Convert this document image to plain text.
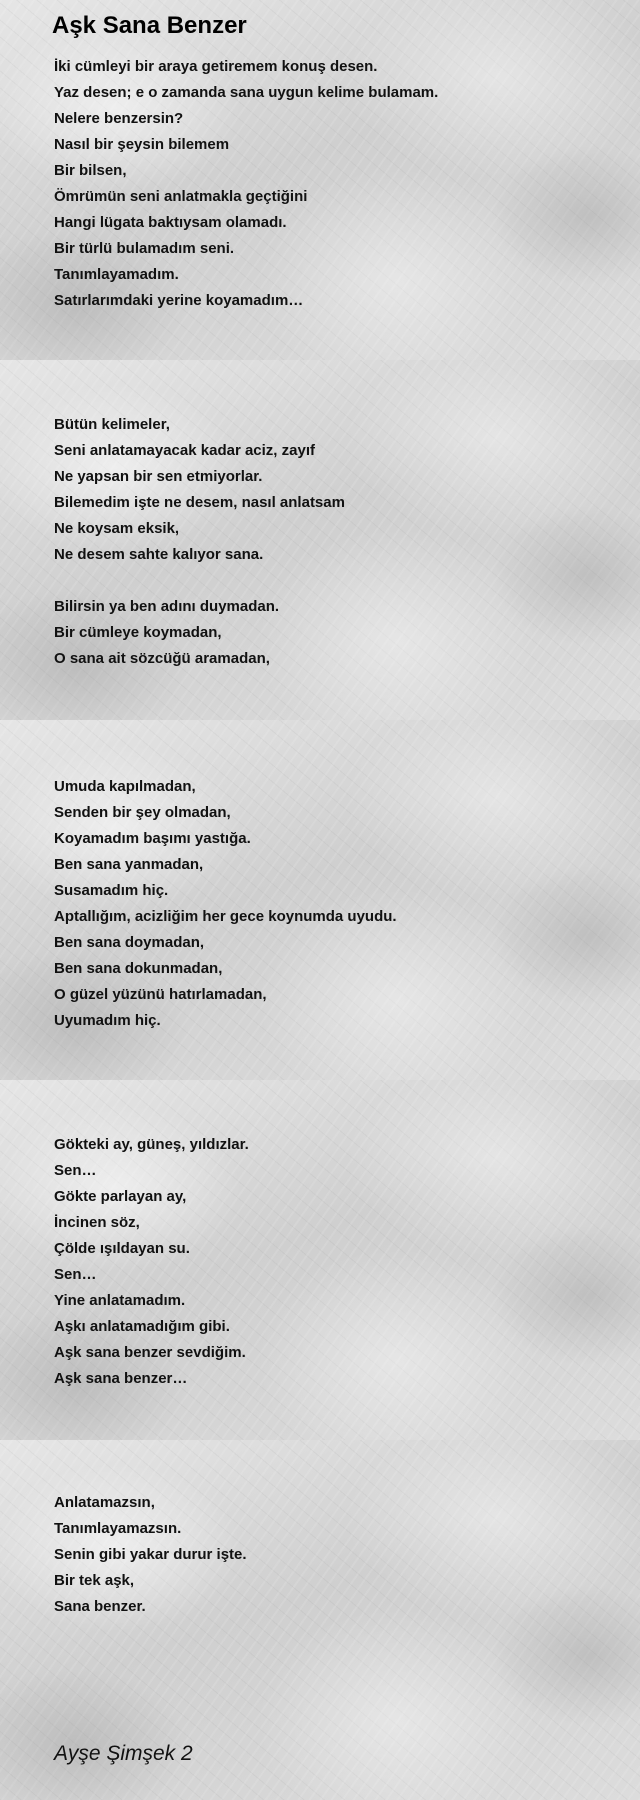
Aşk Sana Benzer
İki cümleyi bir araya getiremem konuş desen.
Yaz desen; e o zamanda sana uygun kelime bulamam.
Nelere benzersin?
Nasıl bir şeysin bilemem
Bir bilsen,
Ömrümün seni anlatmakla geçtiğini
Hangi lügata baktıysam olamadı.
Bir türlü bulamadım seni.
Tanımlayamadım.
Satırlarımdaki yerine koyamadım…
Bütün kelimeler,
Seni anlatamayacak kadar aciz, zayıf
Ne yapsan bir sen etmiyorlar.
Bilemedim işte ne desem, nasıl anlatsam
Ne koysam eksik,
Ne desem sahte kalıyor sana.
Bilirsin ya ben adını duymadan.
Bir cümleye koymadan,
O sana ait sözcüğü aramadan,
Umuda kapılmadan,
Senden bir şey olmadan,
Koyamadım başımı yastığa.
Ben sana yanmadan,
Susamadım hiç.
Aptallığım, acizliğim her gece koynumda uyudu.
Ben sana doymadan,
Ben sana dokunmadan,
O güzel yüzünü hatırlamadan,
Uyumadım hiç.
Gökteki ay, güneş, yıldızlar.
Sen…
Gökte parlayan ay,
İncinen söz,
Çölde ışıldayan su.
Sen…
Yine anlatamadım.
Aşkı anlatamadığım gibi.
Aşk sana benzer sevdiğim.
Aşk sana benzer…
Anlatamazsın,
Tanımlayamazsın.
Senin gibi yakar durur işte.
Bir tek aşk,
Sana benzer.

Ayşe Şimşek 2
